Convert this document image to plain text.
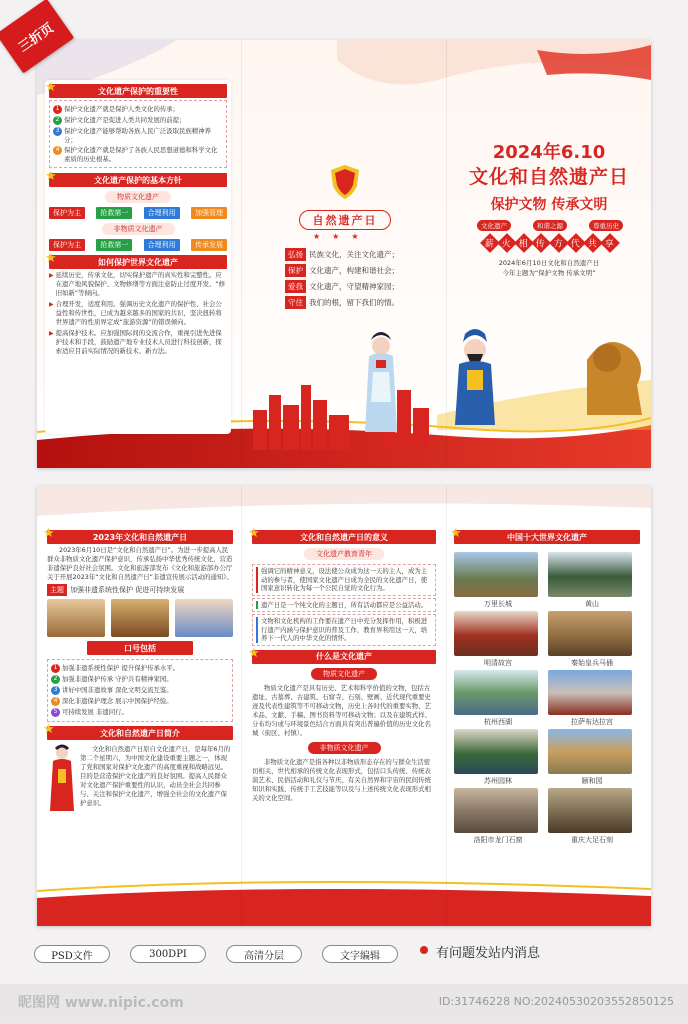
三折页
★	文化遗产保护的重要性
1 保护文化遗产就是保护人类文化的传承；
2 保护文化遗产是促进人类共同发展的前提；
3 保护文化遗产能够帮助各族人民广泛汲取民族精神养分；
4 保护文化遗产就是保护了各族人民思想道德和科学文化素质的历史根基。
★	文化遗产保护的基本方针
物质文化遗产
保护为主	抢救第一	合理利用	加强管理
非物质文化遗产
保护为主	抢救第一	合理利用	传承发展
★	如何保护世界文化遗产
▶ 延续历史，传承文化，切实保护遗产的真实性和完整性。应在遗产地风貌保护、文物修缮等方面注意防止过度开发、“修旧如新”等倾向。
▶ 合理开发，适度利用。强调历史文化遗产的保护性、社会公益性和传世性，已成为越来越多的国家的共识，坚决扭转将世界遗产的性质界定成“旅游资源”的错误倾向。
▶ 提高保护技术。应加强国际间的交流合作，重视引进先进保护技术和手段，鼓励遗产地专业技术人员进行科技创新，探索适应目前实际情况的新技术、新方法。
自然遗产日
★★★
弘扬 民族文化，关注文化遗产；
保护 文化遗产，构建和谐社会；
爱我 文化遗产，守望精神家园；
守住 我们的根，留下我们的情。
2024年6.10
文化和自然遗产日
保护文物 传承文明
文化遗产	和谐之源	尊重历史
薪 火 相 传 方 代 共 享
2024年6月10日文化和自然遗产日
今年主题为“保护文物 传承文明”
★	2023年文化和自然遗产日
2023年6月10日是“文化和自然遗产日”。为进一步提高人民群众非物质文化遗产保护意识，传承弘扬中华优秀传统文化，营造非遗保护良好社会氛围。文化和旅游部发布《文化和旅游部办公厅关于开展2023年“文化和自然遗产日”非遗宣传展示活动的通知》。
主题 加强非遗系统性保护 促进可持续发展
口号包括
1 加强非遗系统性保护 提升保护传承水平。
2 加强非遗保护传承 守护共有精神家园。
3 讲好中国非遗故事 深化文明交流互鉴。
4 深化非遗保护理念 展示中国保护经验。
5 可持续发展 非遗同行。
★	文化和自然遗产日简介
文化和自然遗产日原自文化遗产日，是每年6月的第二个星期六，为中国文化建设重要主题之一，体现了党和国家对保护文化遗产的高度重视和战略远见。目的是营造保护文化遗产的良好氛围。提高人民群众对文化遗产保护重要性的认识，动员全社会共同参与、关注和保护文化遗产，增强全社会的文化遗产保护意识。
★	文化和自然遗产日的意义
文化遗产教育青年
强调它的精神意义，设法使公众成为这一天的主人，成为主动的参与者，使国家文化遗产日成为全民的文化遗产日，使国家意识转化为每一个公民自觉的文化行为。
遗产日是一个纯文化的主题日，所有活动都应是公益活动。
文物和文化机构的工作要在遗产日中充分发挥作用，积极进行遗产内涵与保护意识的普及工作，教育界利用这一天，培养下一代人的中华文化的情怀。
★	什么是文化遗产
物质文化遗产
物质文化遗产是具有历史、艺术和科学价值的文物，包括古遗址、古墓葬、古建筑、石窟寺、石刻、壁画、近代现代重要史迹及代表性建筑等不可移动文物，历史上各时代的重要实物、艺术品、文献、手稿、图书资料等可移动文物；以及在建筑式样、分布均匀或与环境景色结合方面具有突出普遍价值的历史文化名城（街区、村镇）。
非物质文化遗产
非物质文化遗产是指各种以非物质形态存在的与群众生活密切相关、世代相承的传统文化表现形式，包括口头传统、传统表演艺术、民俗活动和礼仪与节庆、有关自然界和宇宙的民间传统知识和实践、传统手工艺技能等以及与上述传统文化表现形式相关的文化空间。
★	中国十大世界文化遗产
万里长城	黄山
明清故宫	秦始皇兵马俑
杭州西湖	拉萨布达拉宫
苏州园林	颐和园
洛阳市龙门石窟	重庆大足石刻
PSD文件	300DPI	高清分层	文字编辑	有问题发站内消息
昵图网 www.nipic.com	ID:31746228 NO:20240530203552850125
